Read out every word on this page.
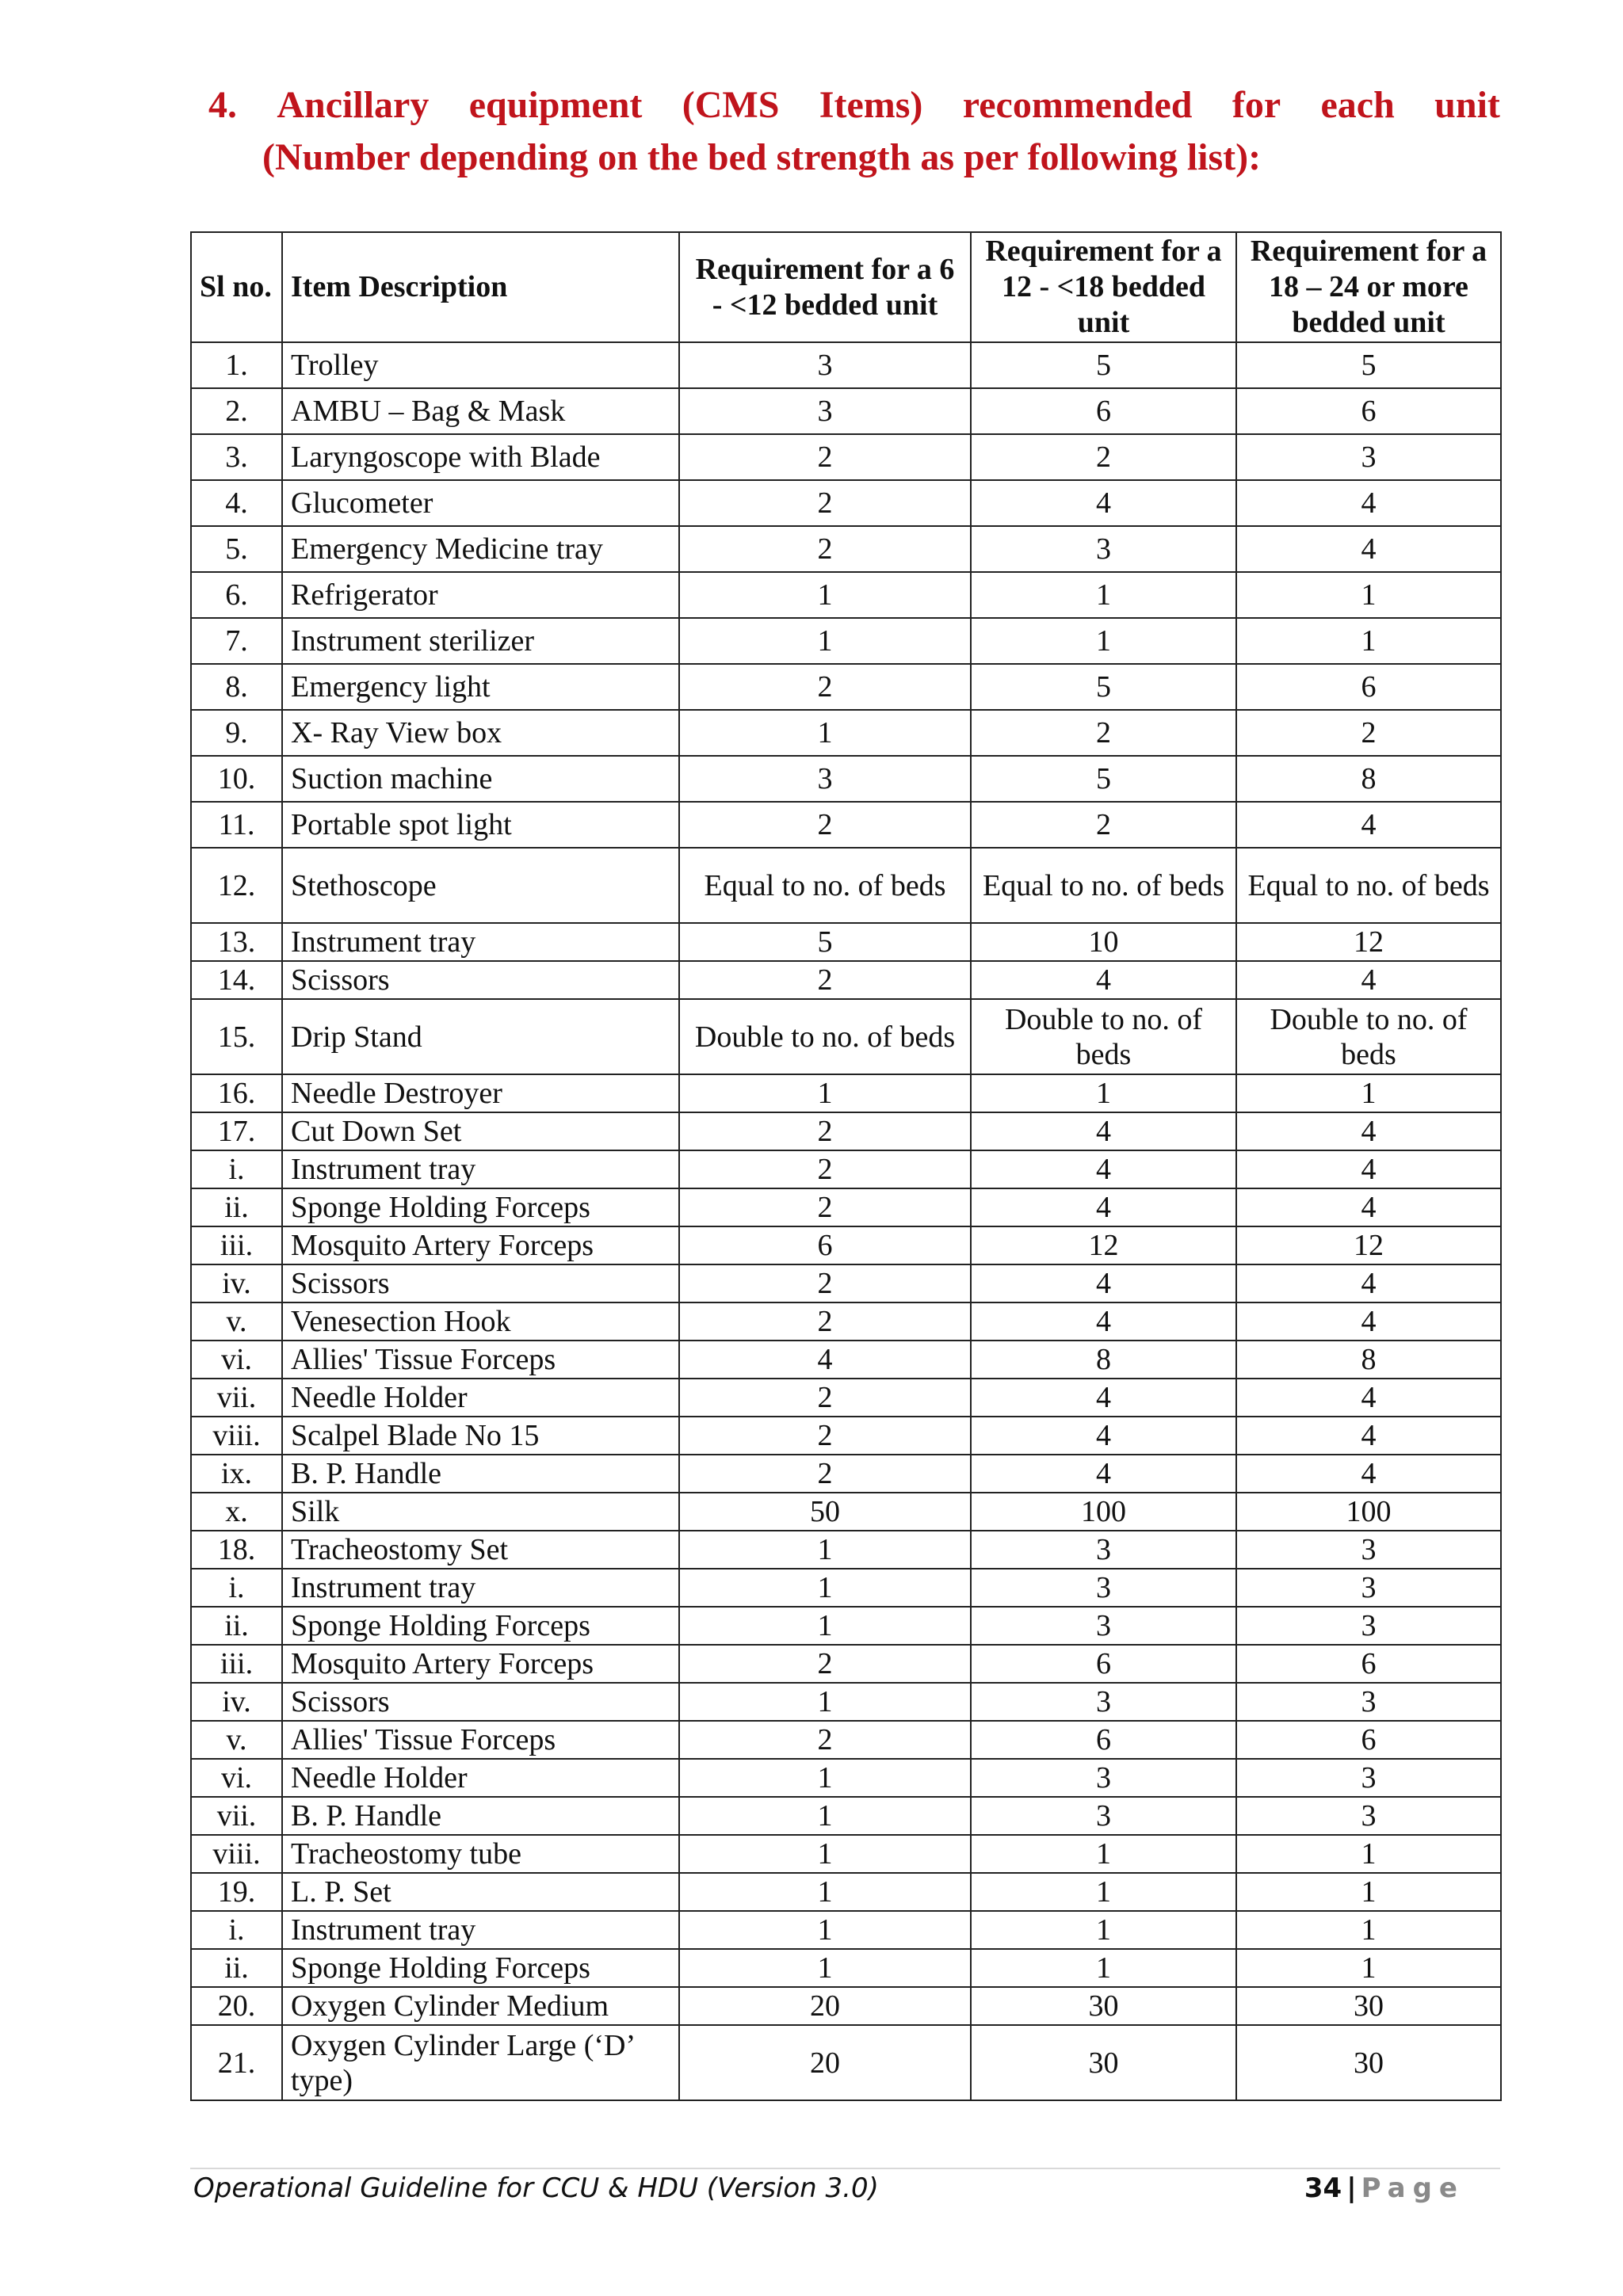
4. Ancillary equipment (CMS Items) recommended for each unit
(Number depending on the bed strength as per following list):
Sl no.	Item Description	Requirement for a 6 - <12 bedded unit	Requirement for a 12 - <18 bedded unit	Requirement for a 18 – 24 or more bedded unit
1.	Trolley	3	5	5
2.	AMBU – Bag & Mask	3	6	6
3.	Laryngoscope with Blade	2	2	3
4.	Glucometer	2	4	4
5.	Emergency Medicine tray	2	3	4
6.	Refrigerator	1	1	1
7.	Instrument sterilizer	1	1	1
8.	Emergency light	2	5	6
9.	X- Ray View box	1	2	2
10.	Suction machine	3	5	8
11.	Portable spot light	2	2	4
12.	Stethoscope	Equal to no. of beds	Equal to no. of beds	Equal to no. of beds
13.	Instrument tray	5	10	12
14.	Scissors	2	4	4
15.	Drip Stand	Double to no. of beds	Double to no. of beds	Double to no. of beds
16.	Needle Destroyer	1	1	1
17.	Cut Down Set	2	4	4
i.	Instrument tray	2	4	4
ii.	Sponge Holding Forceps	2	4	4
iii.	Mosquito Artery Forceps	6	12	12
iv.	Scissors	2	4	4
v.	Venesection Hook	2	4	4
vi.	Allies' Tissue Forceps	4	8	8
vii.	Needle Holder	2	4	4
viii.	Scalpel Blade No 15	2	4	4
ix.	B. P. Handle	2	4	4
x.	Silk	50	100	100
18.	Tracheostomy Set	1	3	3
i.	Instrument tray	1	3	3
ii.	Sponge Holding Forceps	1	3	3
iii.	Mosquito Artery Forceps	2	6	6
iv.	Scissors	1	3	3
v.	Allies' Tissue Forceps	2	6	6
vi.	Needle Holder	1	3	3
vii.	B. P. Handle	1	3	3
viii.	Tracheostomy tube	1	1	1
19.	L. P. Set	1	1	1
i.	Instrument tray	1	1	1
ii.	Sponge Holding Forceps	1	1	1
20.	Oxygen Cylinder Medium	20	30	30
21.	Oxygen Cylinder Large (‘D’ type)	20	30	30
Operational Guideline for CCU & HDU (Version 3.0)	34 | Page
